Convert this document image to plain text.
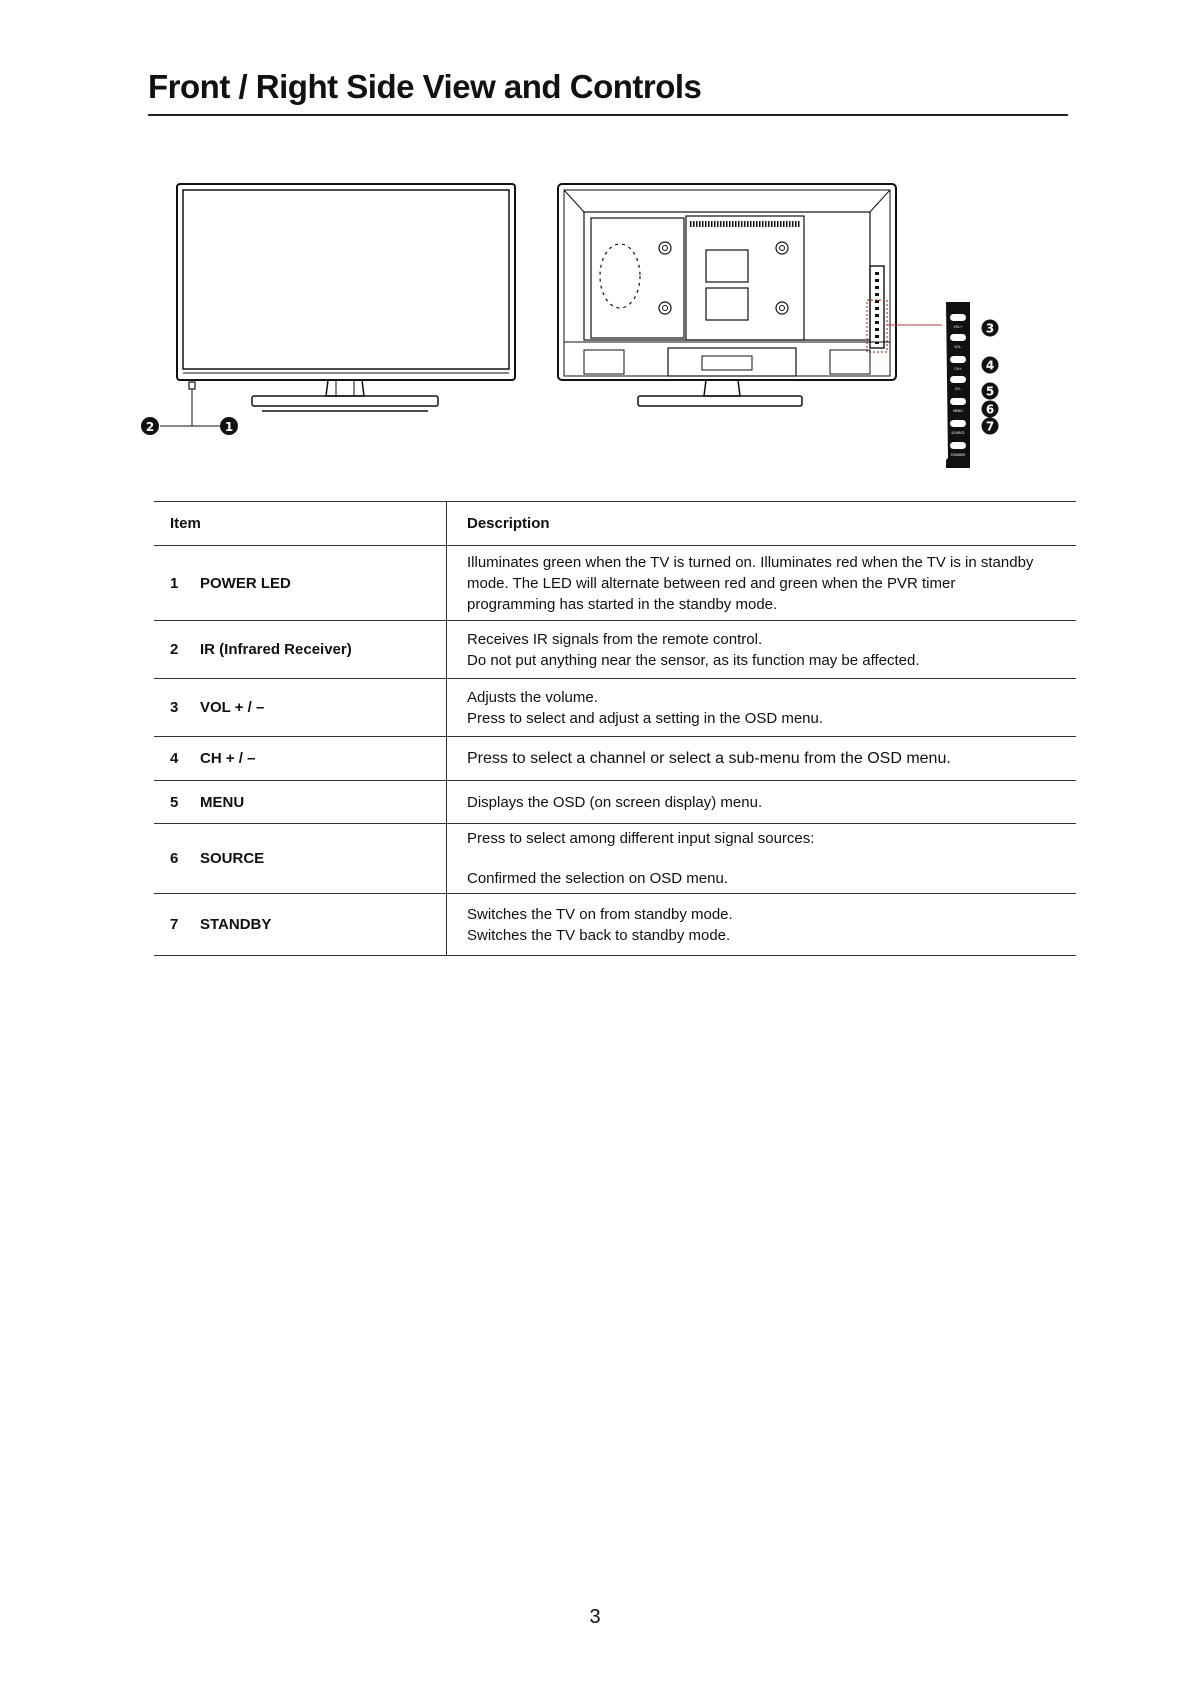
Front / Right Side View and Controls
2	1
VOL+
VOL-
CH+
CH-
MENU
SOURCE
STANDBY
3
4
5
6
7
Item	Description
1 POWER LED	Illuminates green when the TV is turned on. Illuminates red when the TV is in standby
mode. The LED will alternate between red and green when the PVR timer
programming has started in the standby mode.

2 IR (Infrared Receiver)	Receives IR signals from the remote control.
Do not put anything near the sensor, as its function may be affected.

3 VOL + / –	Adjusts the volume.
Press to select and adjust a setting in the OSD menu.

4 CH + / –	Press to select a channel or select a sub-menu from the OSD menu.

5 MENU	Displays the OSD (on screen display) menu.

6 SOURCE	Press to select among different input signal sources:
Confirmed the selection on OSD menu.

7 STANDBY	Switches the TV on from standby mode.
Switches the TV back to standby mode.
3
